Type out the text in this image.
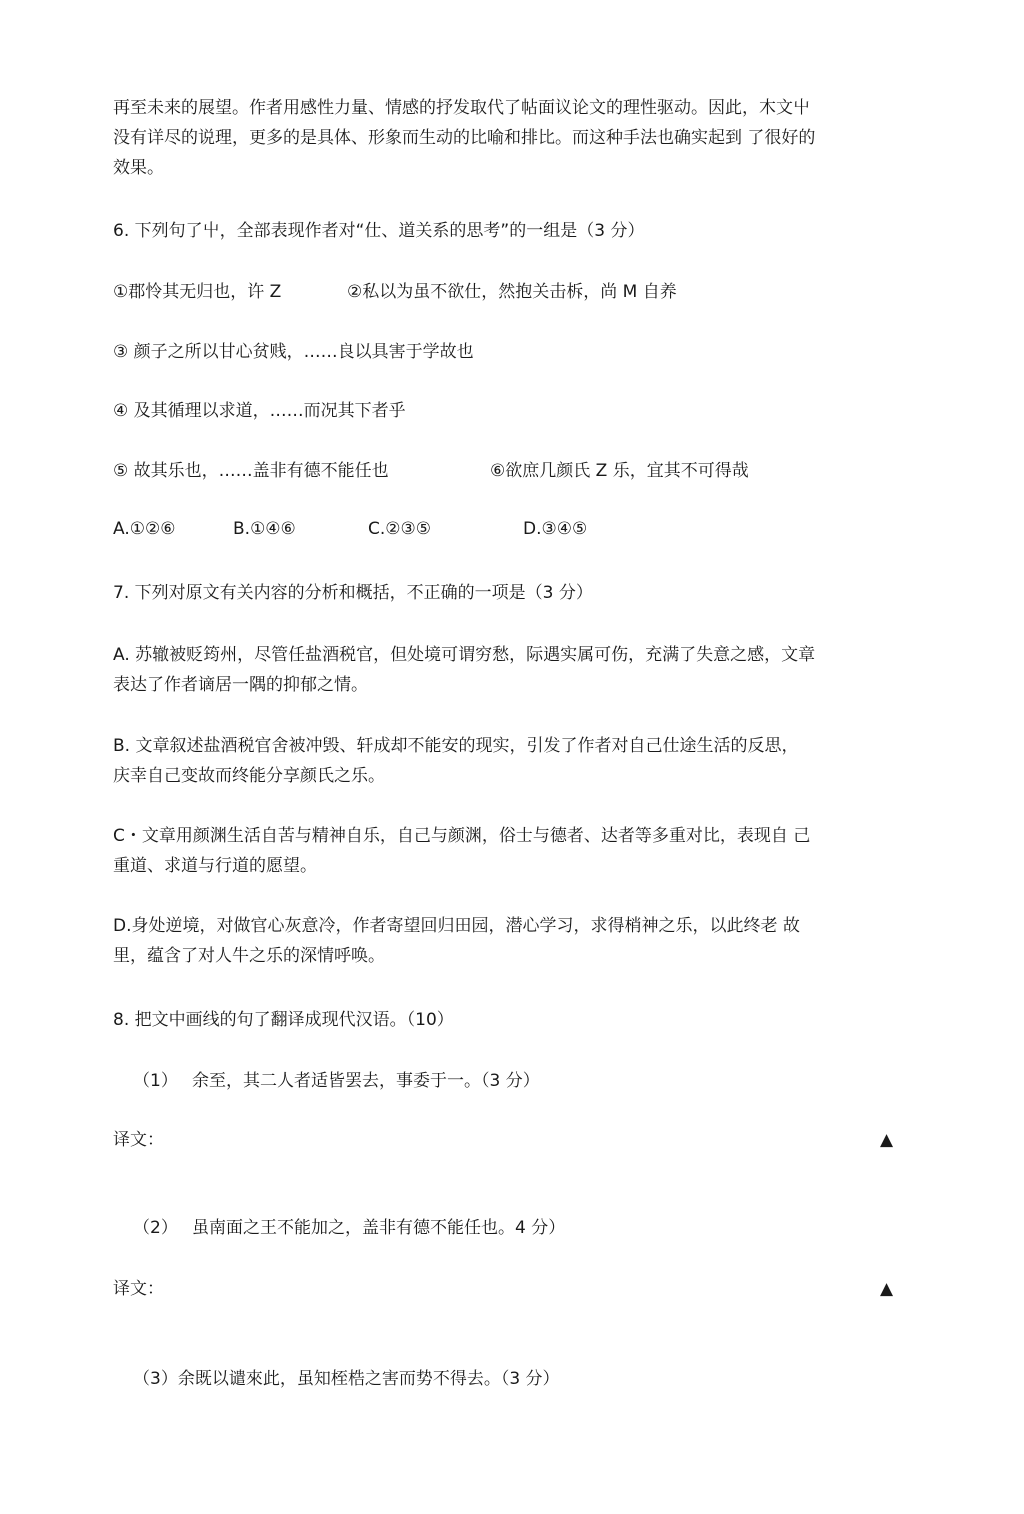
再至未来的展望。作者用感性力量、情感的抒发取代了帖面议论文的理性驱动。因此，木文屮
没有详尽的说理，更多的是具体、形象而生动的比喻和排比。而这种手法也确实起到 了很好的
效果。
6. 下列句了屮，全部表现作者对“仕、道关系的思考”的一组是（3 分）
①郡怜其无归也，许 Z	②私以为虽不欲仕，然抱关击柝，尚 M 自养
③ 颜子之所以甘心贫贱，……良以具害于学故也
④ 及其循理以求道，……而况其下者乎
⑤ 故其乐也，……盖非有德不能任也	⑥欲庶几颜氏 Z 乐，宜其不可得哉
A.①②⑥	B.①④⑥	C.②③⑤	D.③④⑤
7. 下列对原文有关内容的分析和概括，不正确的一项是（3 分）
A. 苏辙被贬筠州，尽管任盐酒税官，但处境可谓穷愁，际遇实属可伤，充满了失意之感，文章
表达了作者谪居一隅的抑郁之情。
B. 文章叙述盐酒税官舍被冲毁、轩成却不能安的现实，引发了作者对自己仕途生活的反思，
庆幸自己变故而终能分享颜氏之乐。
C・文章用颜渊生活自苦与精神自乐，自己与颜渊，俗士与德者、达者等多重对比，表现自 己
重道、求道与行道的愿望。
D.身处逆境，对做官心灰意冷，作者寄望回归田园，潜心学习，求得梢神之乐，以此终老 故
里，蕴含了对人牛之乐的深情呼唤。
8. 把文中画线的句了翻译成现代汉语。（10）
（1） 余至，其二人者适皆罢去，事委于一。（3 分）
译文：	▲
（2） 虽南面之王不能加之，盖非有德不能任也。4 分）
译文：	▲
（3）余既以谴來此，虽知桎梏之害而势不得去。（3 分）
